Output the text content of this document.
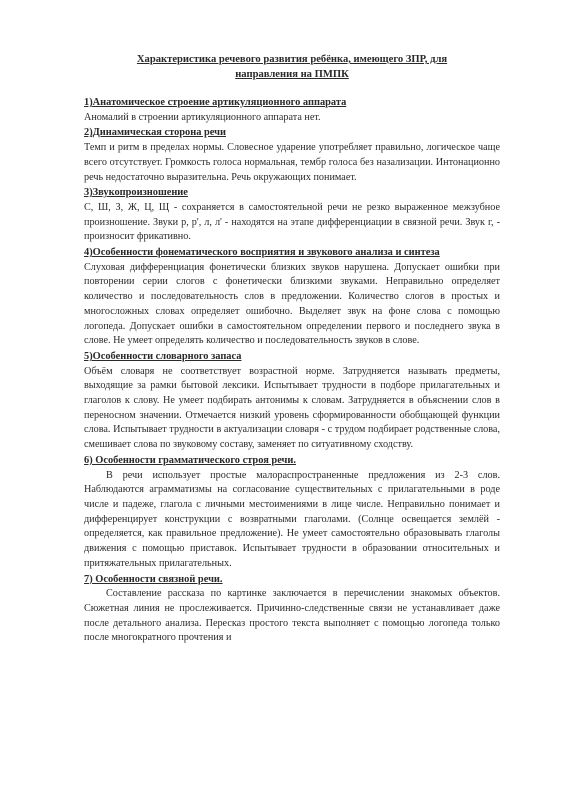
Характеристика речевого развития ребёнка, имеющего ЗПР, для
направления на ПМПК

1)Анатомическое строение артикуляционного аппарата

Аномалий в строении артикуляционного аппарата нет.

2)Динамическая сторона речи

Темп и ритм в пределах нормы. Словесное ударение употребляет правильно, логическое чаще всего отсутствует. Громкость голоса нормальная, тембр голоса без назализации. Интонационно речь недостаточно выразительна. Речь окружающих понимает.

3)Звукопроизношение

С, Ш, З, Ж, Ц, Щ - сохраняется в самостоятельной речи не резко выраженное межзубное произношение. Звуки р, р', л, л' - находятся на этапе дифференциации в связной речи. Звук г, - произносит фрикативно.

4)Особенности фонематического восприятия и звукового анализа и синтеза

Слуховая дифференциация фонетически близких звуков нарушена. Допускает ошибки при повторении серии слогов с фонетически близкими звуками. Неправильно определяет количество и последовательность слов в предложении. Количество слогов в простых и многосложных словах определяет ошибочно. Выделяет звук на фоне слова с помощью логопеда. Допускает ошибки в самостоятельном определении первого и последнего звука в слове. Не умеет определять количество и последовательность звуков в слове.

5)Особенности словарного запаса

Объём словаря не соответствует возрастной норме. Затрудняется называть предметы, выходящие за рамки бытовой лексики. Испытывает трудности в подборе прилагательных и глаголов к слову. Не умеет подбирать антонимы к словам. Затрудняется в объяснении слов в переносном значении. Отмечается низкий уровень сформированности обобщающей функции слова. Испытывает трудности в актуализации словаря - с трудом подбирает родственные слова, смешивает слова по звуковому составу, заменяет по ситуативному сходству.

6) Особенности грамматического строя речи.

В речи использует простые малораспространенные предложения из 2-3 слов. Наблюдаются аграмматизмы на согласование существительных с прилагательными в роде числе и падеже, глагола с личными местоимениями в лице числе. Неправильно понимает и дифференцирует конструкции с возвратными глаголами. (Солнце освещается землёй - определяется, как правильное предложение). Не умеет самостоятельно образовывать глаголы движения с помощью приставок. Испытывает трудности в образовании относительных и притяжательных прилагательных.

7) Особенности связной речи.

Составление рассказа по картинке заключается в перечислении знакомых объектов. Сюжетная линия не прослеживается. Причинно-следственные связи не устанавливает даже после детального анализа. Пересказ простого текста выполняет с помощью логопеда только после многократного прочтения и
